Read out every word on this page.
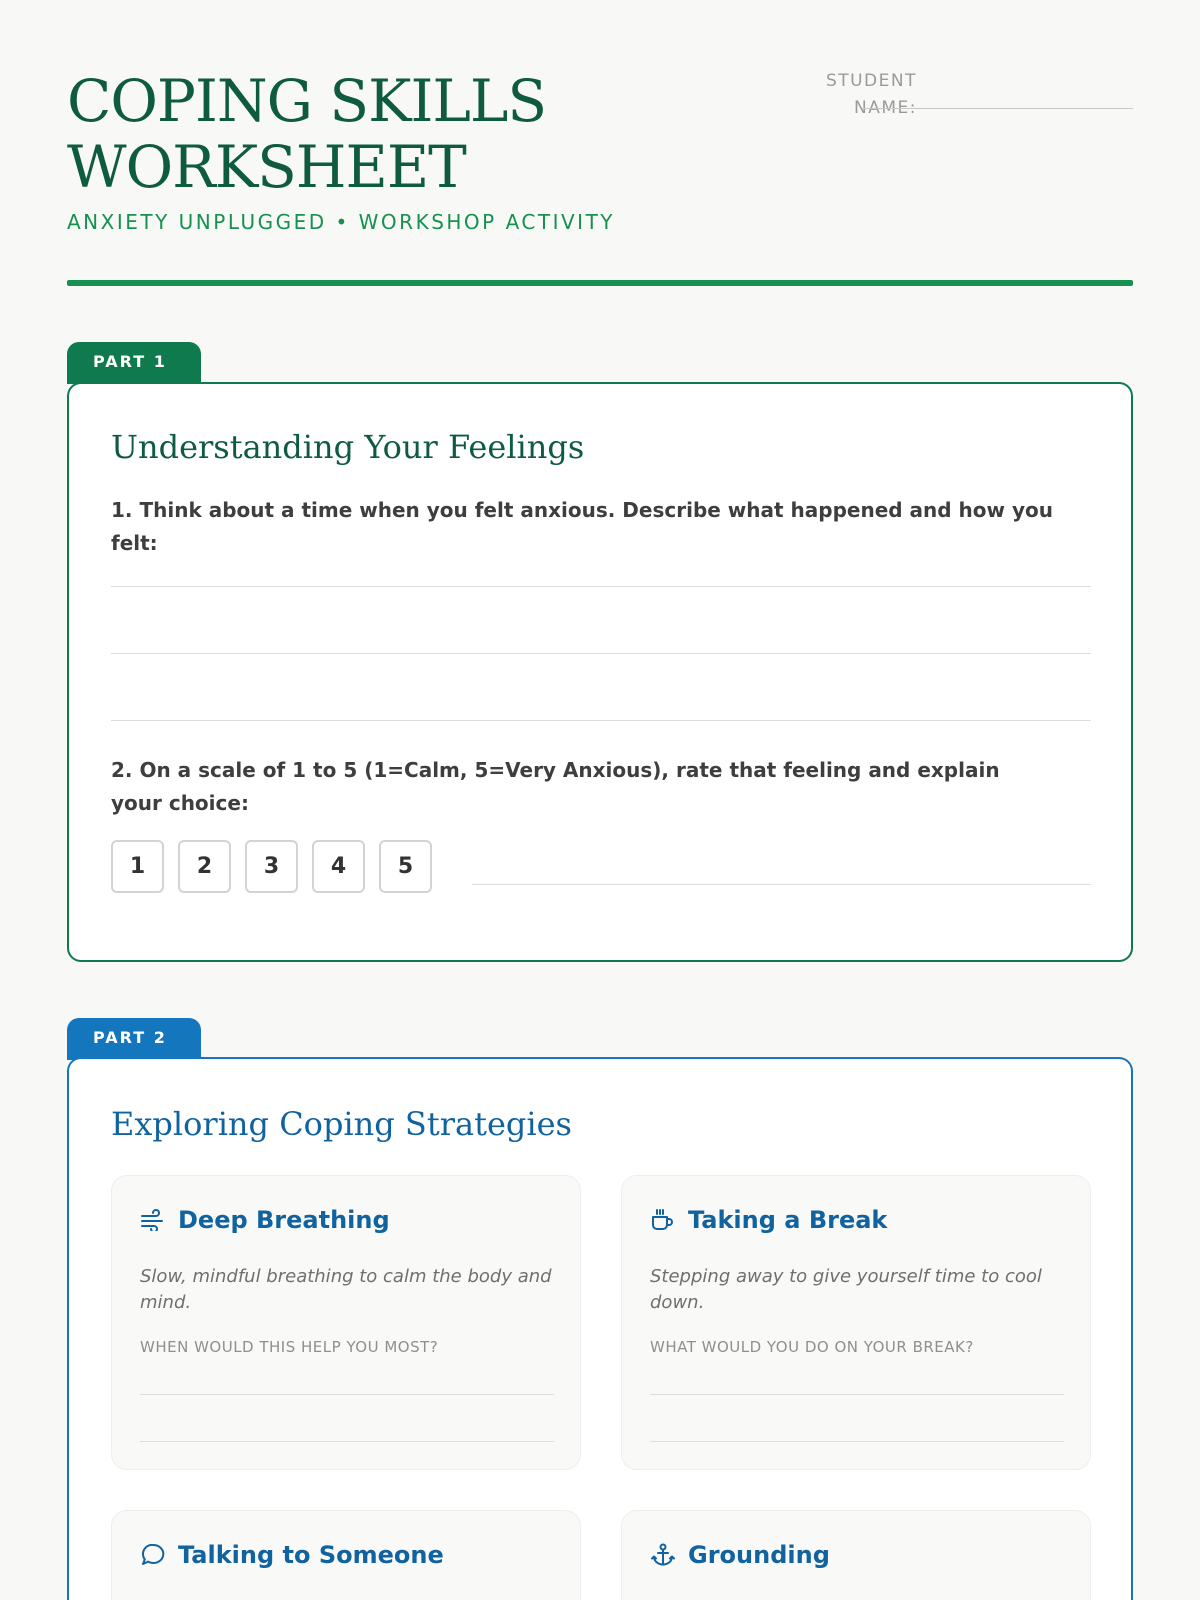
COPING SKILLS
WORKSHEET
ANXIETY UNPLUGGED • WORKSHOP ACTIVITY
STUDENT
NAME:
PART 1
Understanding Your Feelings
1. Think about a time when you felt anxious. Describe what happened and how you felt:
2. On a scale of 1 to 5 (1=Calm, 5=Very Anxious), rate that feeling and explain your choice:
1	2	3	4	5
PART 2
Exploring Coping Strategies
Deep Breathing
Slow, mindful breathing to calm the body and mind.
WHEN WOULD THIS HELP YOU MOST?
Taking a Break
Stepping away to give yourself time to cool down.
WHAT WOULD YOU DO ON YOUR BREAK?
Talking to Someone	Grounding
